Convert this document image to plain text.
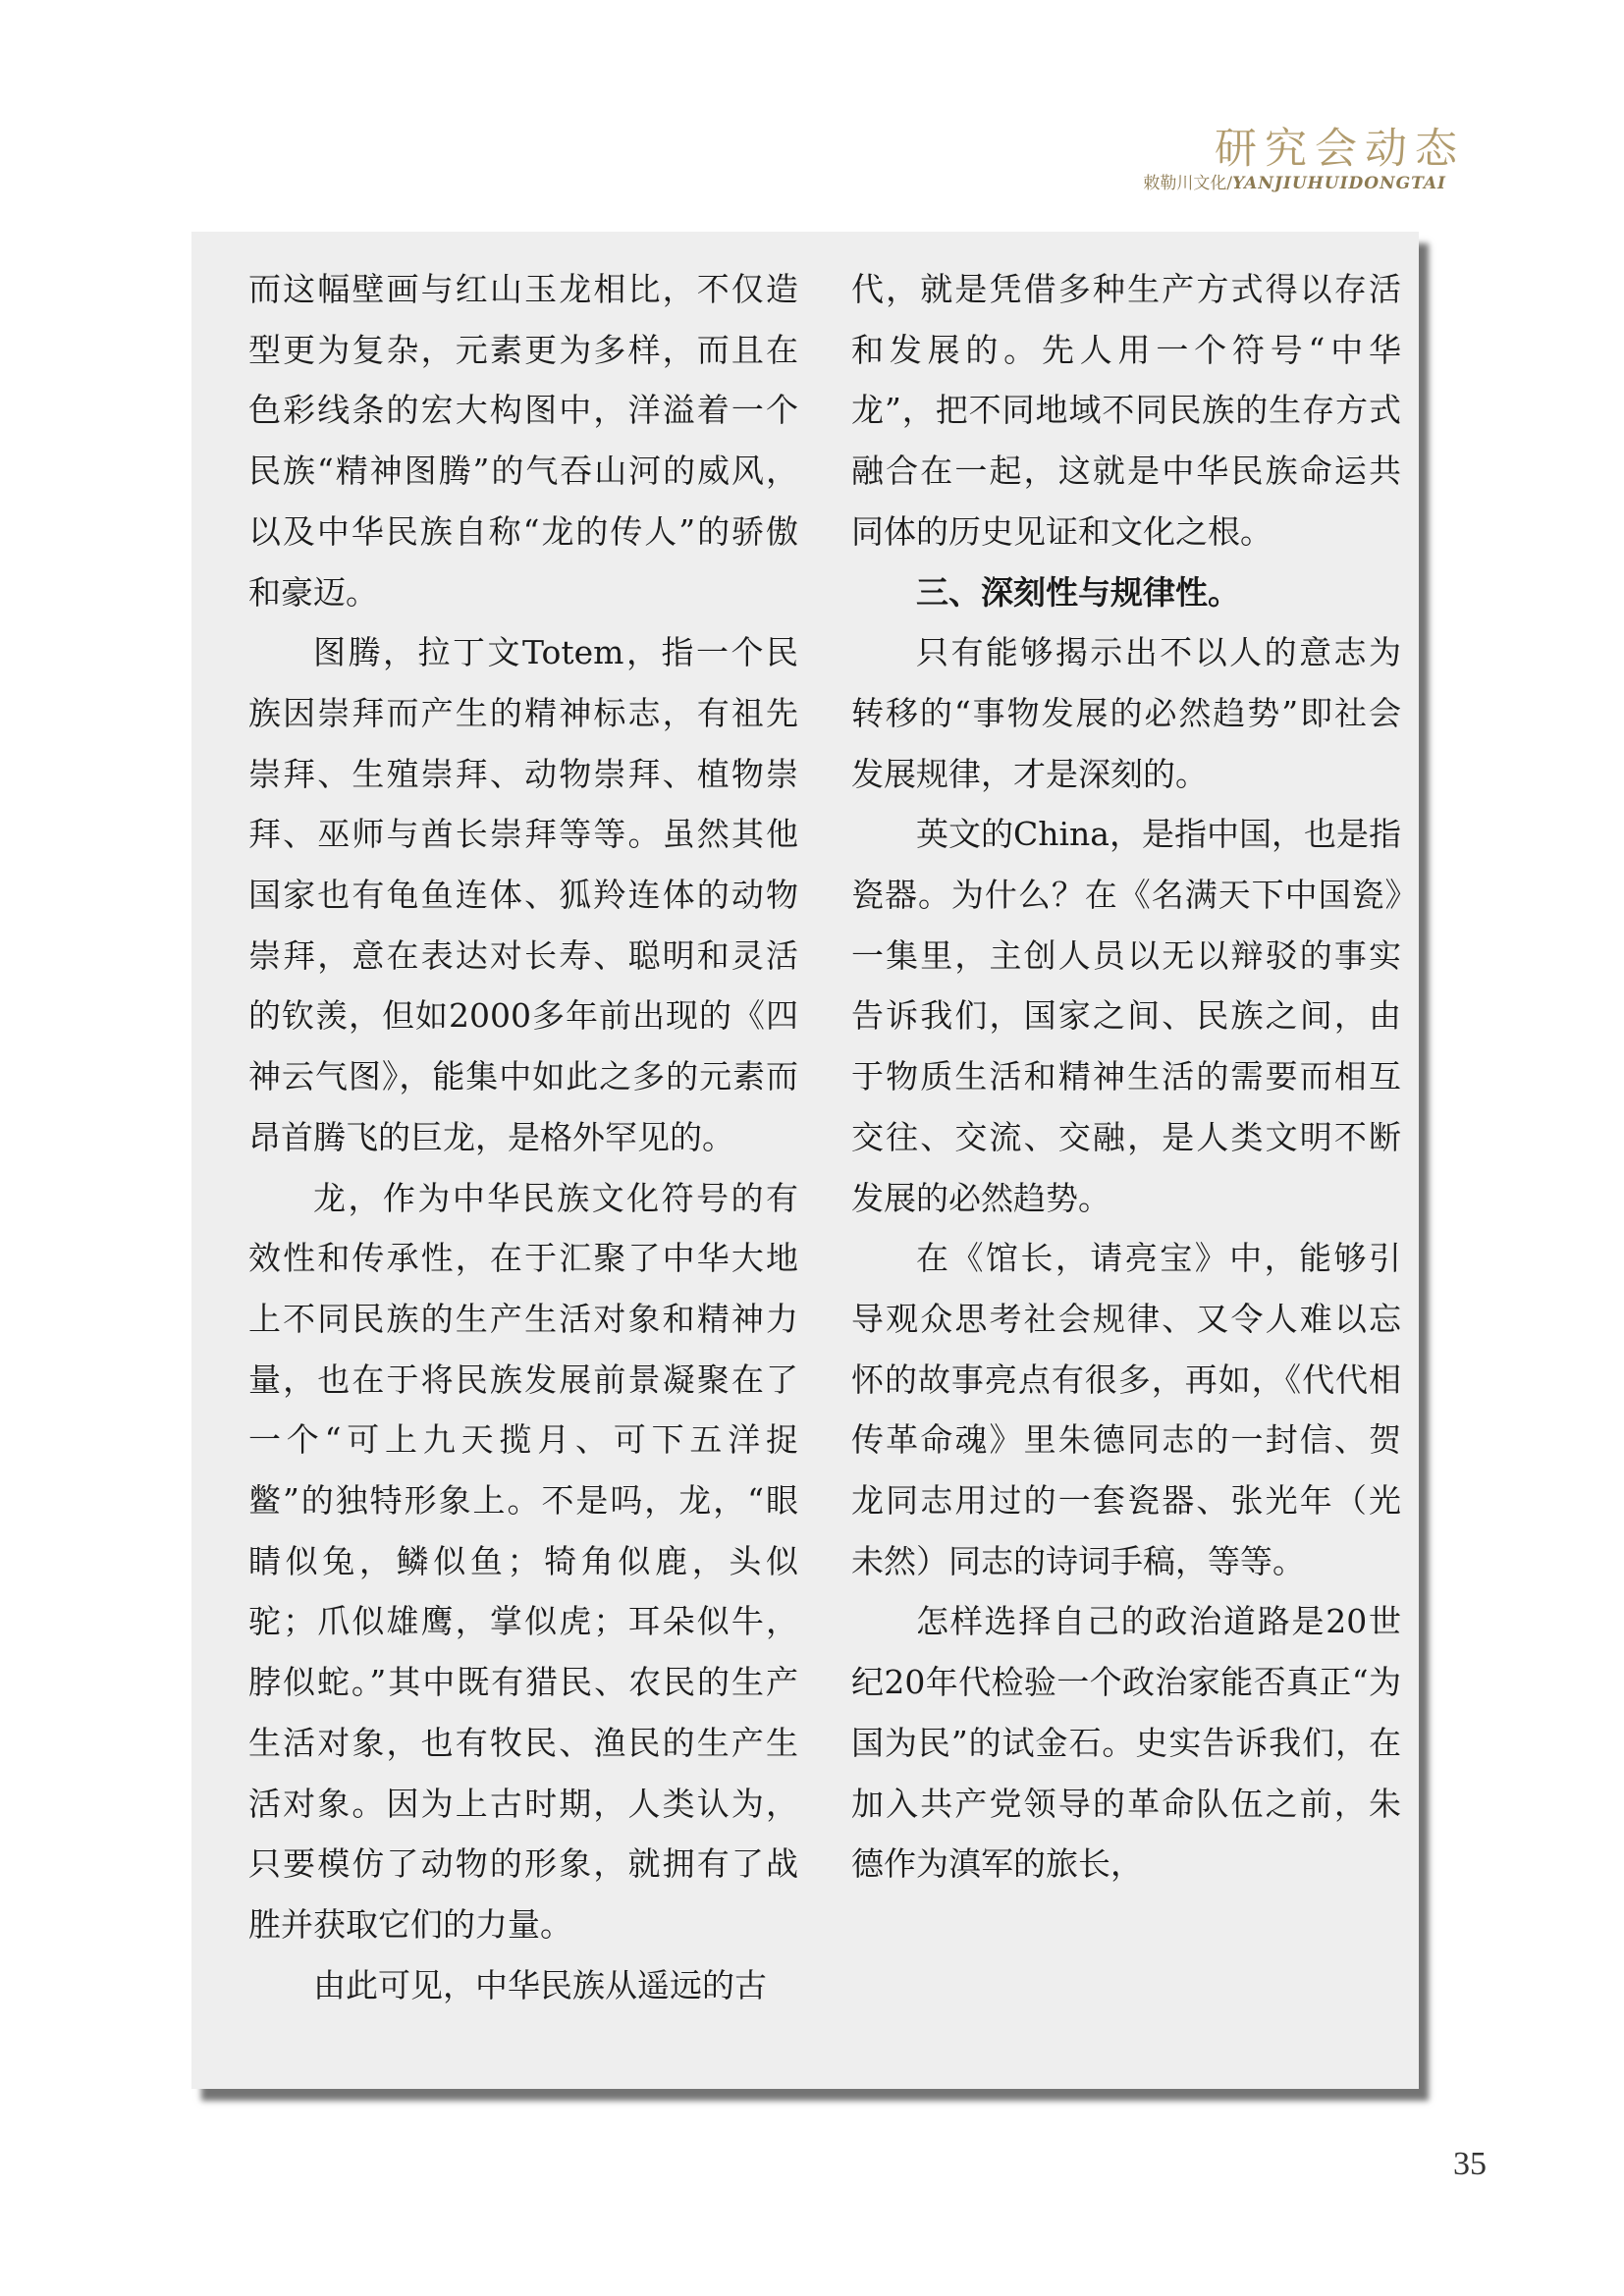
研究会动态
敕勒川文化/YANJIUHUIDONGTAI

而这幅壁画与红山玉龙相比，不仅造型更为复杂，元素更为多样，而且在色彩线条的宏大构图中，洋溢着一个民族“精神图腾”的气吞山河的威风，以及中华民族自称“龙的传人”的骄傲和豪迈。

图腾，拉丁文Totem，指一个民族因崇拜而产生的精神标志，有祖先崇拜、生殖崇拜、动物崇拜、植物崇拜、巫师与酋长崇拜等等。虽然其他国家也有龟鱼连体、狐羚连体的动物崇拜，意在表达对长寿、聪明和灵活的钦羡，但如2000多年前出现的《四神云气图》，能集中如此之多的元素而昂首腾飞的巨龙，是格外罕见的。

龙，作为中华民族文化符号的有效性和传承性，在于汇聚了中华大地上不同民族的生产生活对象和精神力量，也在于将民族发展前景凝聚在了一个“可上九天揽月、可下五洋捉鳖”的独特形象上。不是吗，龙，“眼睛似兔，鳞似鱼；犄角似鹿，头似驼；爪似雄鹰，掌似虎；耳朵似牛，脖似蛇。”其中既有猎民、农民的生产生活对象，也有牧民、渔民的生产生活对象。因为上古时期，人类认为，只要模仿了动物的形象，就拥有了战胜并获取它们的力量。

由此可见，中华民族从遥远的古

代，就是凭借多种生产方式得以存活和发展的。先人用一个符号“中华龙”，把不同地域不同民族的生存方式融合在一起，这就是中华民族命运共同体的历史见证和文化之根。

三、深刻性与规律性。

只有能够揭示出不以人的意志为转移的“事物发展的必然趋势”即社会发展规律，才是深刻的。

英文的China，是指中国，也是指瓷器。为什么？在《名满天下中国瓷》一集里，主创人员以无以辩驳的事实告诉我们，国家之间、民族之间，由于物质生活和精神生活的需要而相互交往、交流、交融，是人类文明不断发展的必然趋势。

在《馆长，请亮宝》中，能够引导观众思考社会规律、又令人难以忘怀的故事亮点有很多，再如，《代代相传革命魂》里朱德同志的一封信、贺龙同志用过的一套瓷器、张光年（光未然）同志的诗词手稿，等等。

怎样选择自己的政治道路是20世纪20年代检验一个政治家能否真正“为国为民”的试金石。史实告诉我们，在加入共产党领导的革命队伍之前，朱德作为滇军的旅长，

35
